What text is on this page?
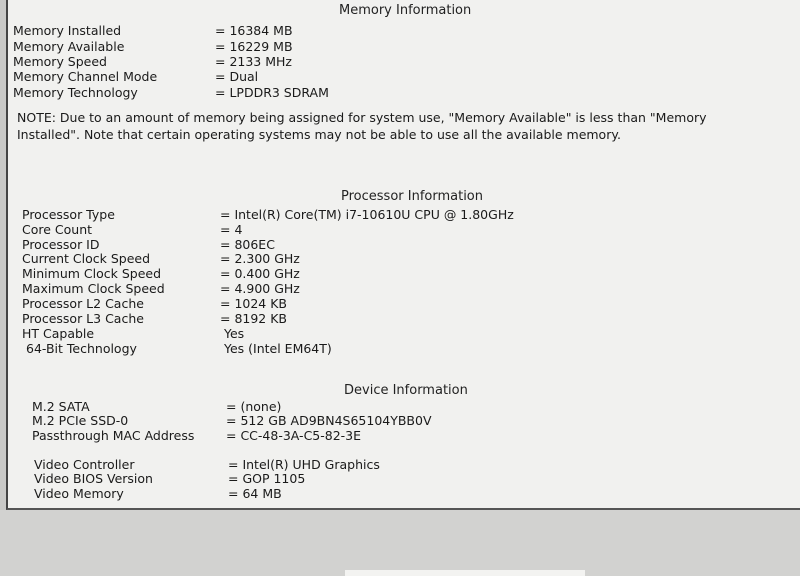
Memory Information
Memory Installed	= 16384 MB
Memory Available	= 16229 MB
Memory Speed	= 2133 MHz
Memory Channel Mode	= Dual
Memory Technology	= LPDDR3 SDRAM
NOTE: Due to an amount of memory being assigned for system use, "Memory Available" is less than "Memory Installed". Note that certain operating systems may not be able to use all the available memory.
Processor Information
Processor Type	= Intel(R) Core(TM) i7-10610U CPU @ 1.80GHz
Core Count	= 4
Processor ID	= 806EC
Current Clock Speed	= 2.300 GHz
Minimum Clock Speed	= 0.400 GHz
Maximum Clock Speed	= 4.900 GHz
Processor L2 Cache	= 1024 KB
Processor L3 Cache	= 8192 KB
HT Capable	Yes
64-Bit Technology	Yes (Intel EM64T)
Device Information
M.2 SATA	= (none)
M.2 PCIe SSD-0	= 512 GB AD9BN4S65104YBB0V
Passthrough MAC Address	= CC-48-3A-C5-82-3E
Video Controller	= Intel(R) UHD Graphics
Video BIOS Version	= GOP 1105
Video Memory	= 64 MB
